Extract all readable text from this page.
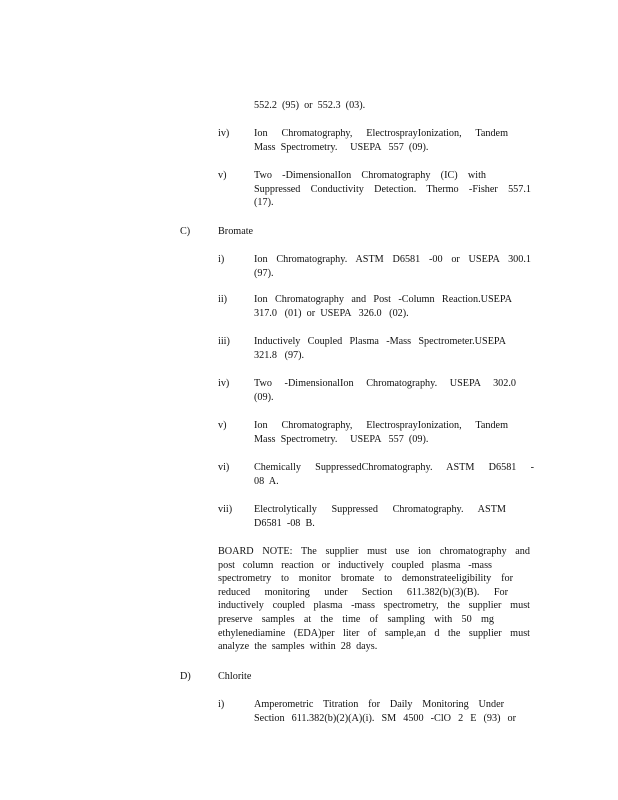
552.2  (95)  or  552.3  (03).
iv) Ion Chromatography, ElectrosprayIonization, Tandem
Mass  Spectrometry.     USEPA   557  (09).
v)	Two -DimensionalIon Chromatography (IC) with
Suppressed Conductivity Detection. Thermo -Fisher 557.1
(17).
C)	Bromate
i)	Ion Chromatography. ASTM D6581 -00 or USEPA 300.1
(97).
ii)	Ion Chromatography and Post -Column Reaction.USEPA
317.0   (01)  or  USEPA   326.0   (02).
iii) Inductively Coupled Plasma -Mass Spectrometer.USEPA
321.8   (97).
iv) Two -DimensionalIon Chromatography. USEPA 302.0
(09).
v)	Ion Chromatography, ElectrosprayIonization, Tandem
Mass  Spectrometry.     USEPA   557  (09).
vi) Chemically SuppressedChromatography. ASTM D6581 -
08  A.
vii) Electrolytically Suppressed Chromatography. ASTM
D6581  -08  B.
BOARD NOTE: The supplier must use ion chromatography and
post column reaction or inductively coupled plasma -mass
spectrometry to monitor bromate to demonstrateeligibility for
reduced monitoring under Section 611.382(b)(3)(B). For
inductively coupled plasma -mass spectrometry, the supplier must
preserve samples at the time of sampling with 50 mg
ethylenediamine (EDA)per liter of sample,an d the supplier must
analyze  the  samples  within  28  days.
D)	Chlorite
i)	Amperometric Titration for Daily Monitoring Under
Section 611.382(b)(2)(A)(i). SM 4500 -ClO 2 E (93) or
